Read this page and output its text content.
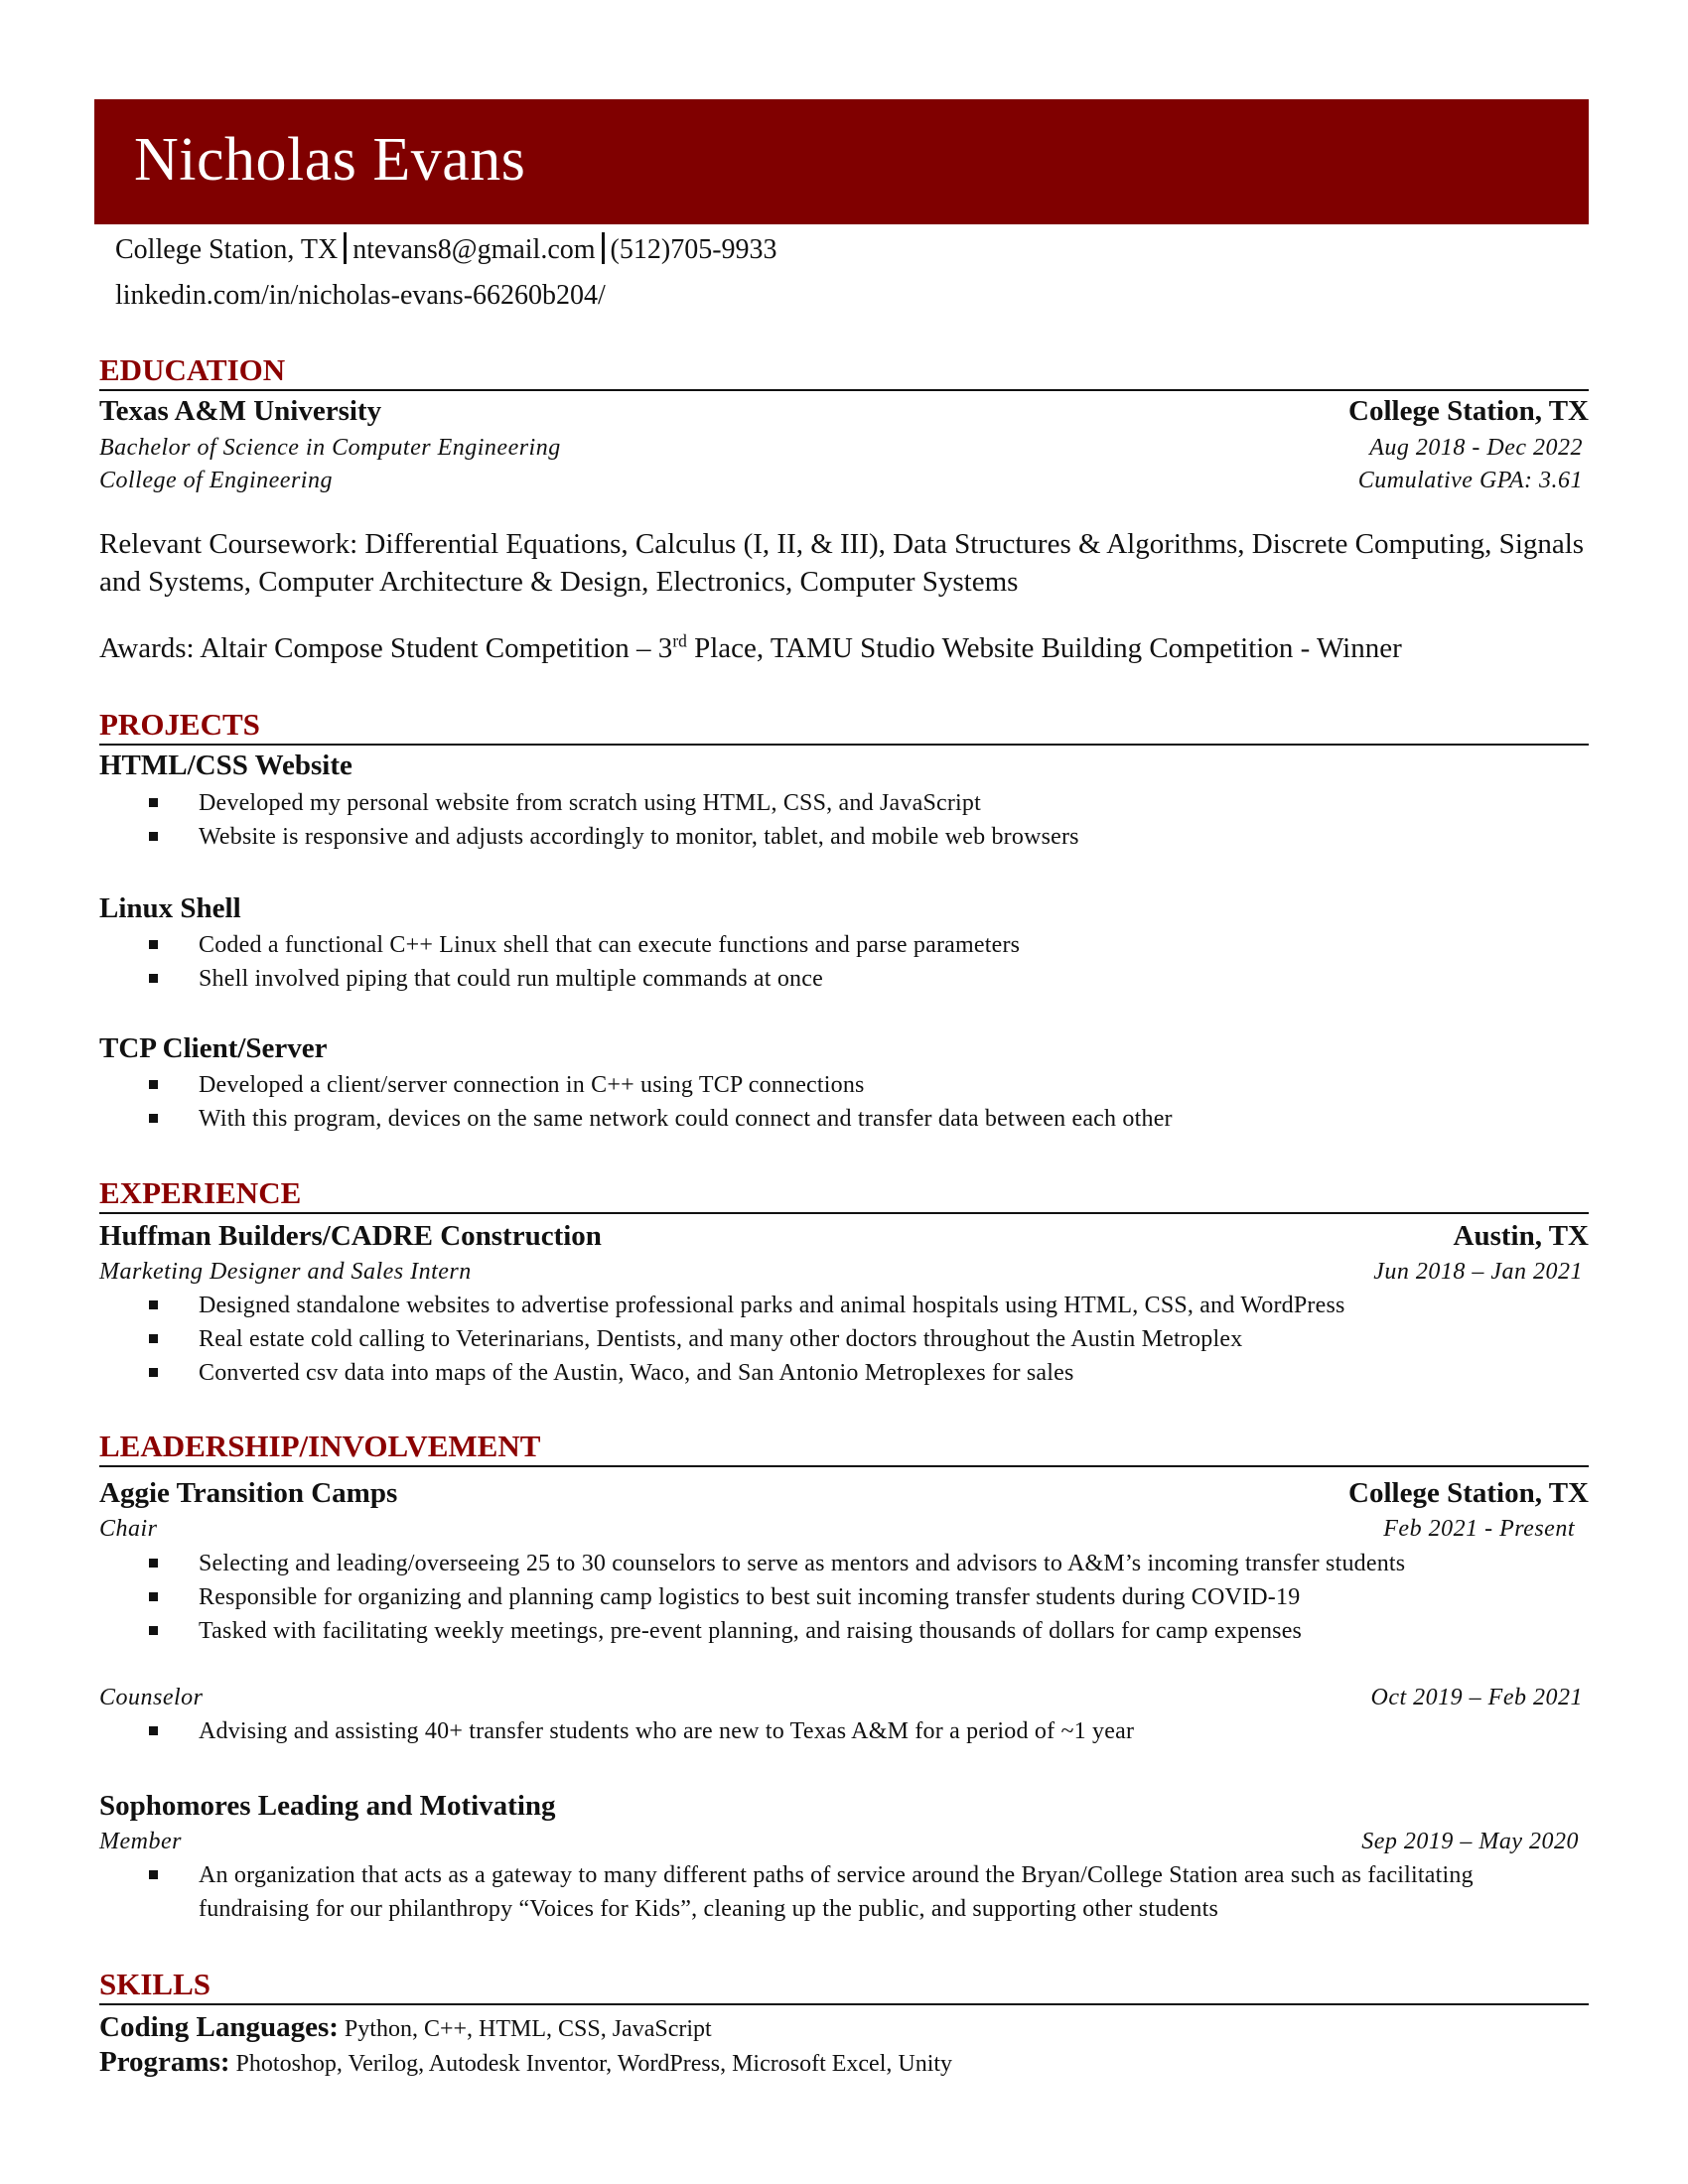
Nicholas Evans
College Station, TX ntevans8@gmail.com (512)705-9933
linkedin.com/in/nicholas-evans-66260b204/
EDUCATION
Texas A&M University	College Station, TX
Bachelor of Science in Computer Engineering	Aug 2018 - Dec 2022
College of Engineering	Cumulative GPA: 3.61
Relevant Coursework: Differential Equations, Calculus (I, II, & III), Data Structures & Algorithms, Discrete Computing, Signals and Systems, Computer Architecture & Design, Electronics, Computer Systems
Awards: Altair Compose Student Competition – 3rd Place, TAMU Studio Website Building Competition - Winner
PROJECTS
HTML/CSS Website
Developed my personal website from scratch using HTML, CSS, and JavaScript
Website is responsive and adjusts accordingly to monitor, tablet, and mobile web browsers
Linux Shell
Coded a functional C++ Linux shell that can execute functions and parse parameters
Shell involved piping that could run multiple commands at once
TCP Client/Server
Developed a client/server connection in C++ using TCP connections
With this program, devices on the same network could connect and transfer data between each other
EXPERIENCE
Huffman Builders/CADRE Construction	Austin, TX
Marketing Designer and Sales Intern	Jun 2018 – Jan 2021
Designed standalone websites to advertise professional parks and animal hospitals using HTML, CSS, and WordPress
Real estate cold calling to Veterinarians, Dentists, and many other doctors throughout the Austin Metroplex
Converted csv data into maps of the Austin, Waco, and San Antonio Metroplexes for sales
LEADERSHIP/INVOLVEMENT
Aggie Transition Camps	College Station, TX
Chair	Feb 2021 - Present
Selecting and leading/overseeing 25 to 30 counselors to serve as mentors and advisors to A&M’s incoming transfer students
Responsible for organizing and planning camp logistics to best suit incoming transfer students during COVID-19
Tasked with facilitating weekly meetings, pre-event planning, and raising thousands of dollars for camp expenses
Counselor	Oct 2019 – Feb 2021
Advising and assisting 40+ transfer students who are new to Texas A&M for a period of ~1 year
Sophomores Leading and Motivating
Member	Sep 2019 – May 2020
An organization that acts as a gateway to many different paths of service around the Bryan/College Station area such as facilitating fundraising for our philanthropy “Voices for Kids”, cleaning up the public, and supporting other students
SKILLS
Coding Languages: Python, C++, HTML, CSS, JavaScript
Programs: Photoshop, Verilog, Autodesk Inventor, WordPress, Microsoft Excel, Unity
